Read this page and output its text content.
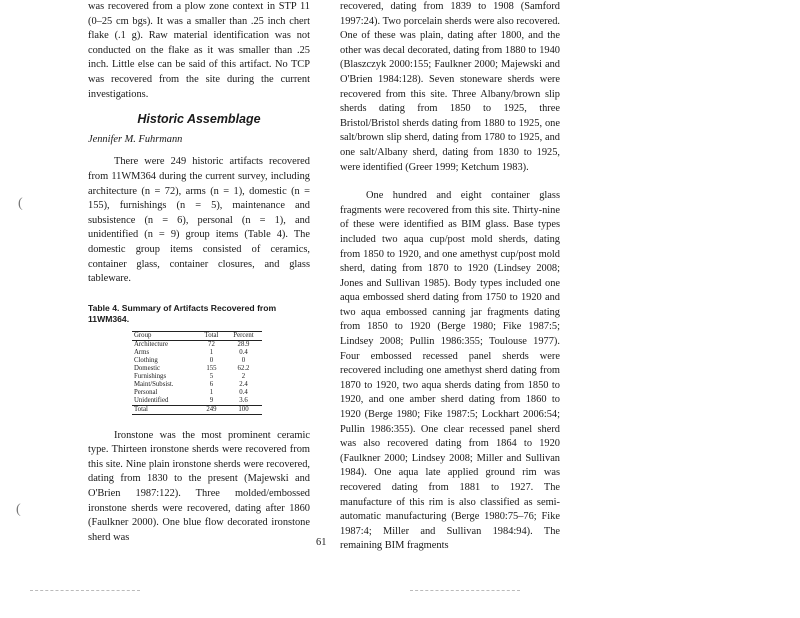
(
(

was recovered from a plow zone context in STP 11 (0–25 cm bgs). It was a smaller than .25 inch chert flake (.1 g). Raw material identification was not conducted on the flake as it was smaller than .25 inch. Little else can be said of this artifact. No TCP was recovered from the site during the current investigations.

Historic Assemblage

Jennifer M. Fuhrmann

There were 249 historic artifacts recovered from 11WM364 during the current survey, including architecture (n = 72), arms (n = 1), domestic (n = 155), furnishings (n = 5), maintenance and subsistence (n = 6), personal (n = 1), and unidentified (n = 9) group items (Table 4). The domestic group items consisted of ceramics, container glass, container closures, and glass tableware.

Table 4. Summary of Artifacts Recovered from 11WM364.

Group	Total	Percent
Architecture	72	28.9
Arms	1	0.4
Clothing	0	0
Domestic	155	62.2
Furnishings	5	2
Maint/Subsist.	6	2.4
Personal	1	0.4
Unidentified	9	3.6
Total	249	100

Ironstone was the most prominent ceramic type. Thirteen ironstone sherds were recovered from this site. Nine plain ironstone sherds were recovered, dating from 1830 to the present (Majewski and O'Brien 1987:122). Three molded/embossed ironstone sherds were recovered, dating after 1860 (Faulkner 2000). One blue flow decorated ironstone sherd was

recovered, dating from 1839 to 1908 (Samford 1997:24). Two porcelain sherds were also recovered. One of these was plain, dating after 1800, and the other was decal decorated, dating from 1880 to 1940 (Blaszczyk 2000:155; Faulkner 2000; Majewski and O'Brien 1984:128). Seven stoneware sherds were recovered from this site. Three Albany/brown slip sherds dating from 1850 to 1925, three Bristol/Bristol sherds dating from 1880 to 1925, one salt/brown slip sherd, dating from 1780 to 1925, and one salt/Albany sherd, dating from 1830 to 1925, were identified (Greer 1999; Ketchum 1983).

One hundred and eight container glass fragments were recovered from this site. Thirty-nine of these were identified as BIM glass. Base types included two aqua cup/post mold sherds, dating from 1850 to 1920, and one amethyst cup/post mold sherd, dating from 1870 to 1920 (Lindsey 2008; Jones and Sullivan 1985). Body types included one aqua embossed sherd dating from 1750 to 1920 and two aqua embossed canning jar fragments dating from 1850 to 1920 (Berge 1980; Fike 1987:5; Lindsey 2008; Pullin 1986:355; Toulouse 1977). Four embossed recessed panel sherds were recovered including one amethyst sherd dating from 1870 to 1920, two aqua sherds dating from 1850 to 1920, and one amber sherd dating from 1860 to 1920 (Berge 1980; Fike 1987:5; Lockhart 2006:54; Pullin 1986:355). One clear recessed panel sherd was also recovered dating from 1864 to 1920 (Faulkner 2000; Lindsey 2008; Miller and Sullivan 1984). One aqua late applied ground rim was recovered dating from 1881 to 1927. The manufacture of this rim is also classified as semi-automatic manufacturing (Berge 1980:75–76; Fike 1987:4; Miller and Sullivan 1984:94). The remaining BIM fragments

61
